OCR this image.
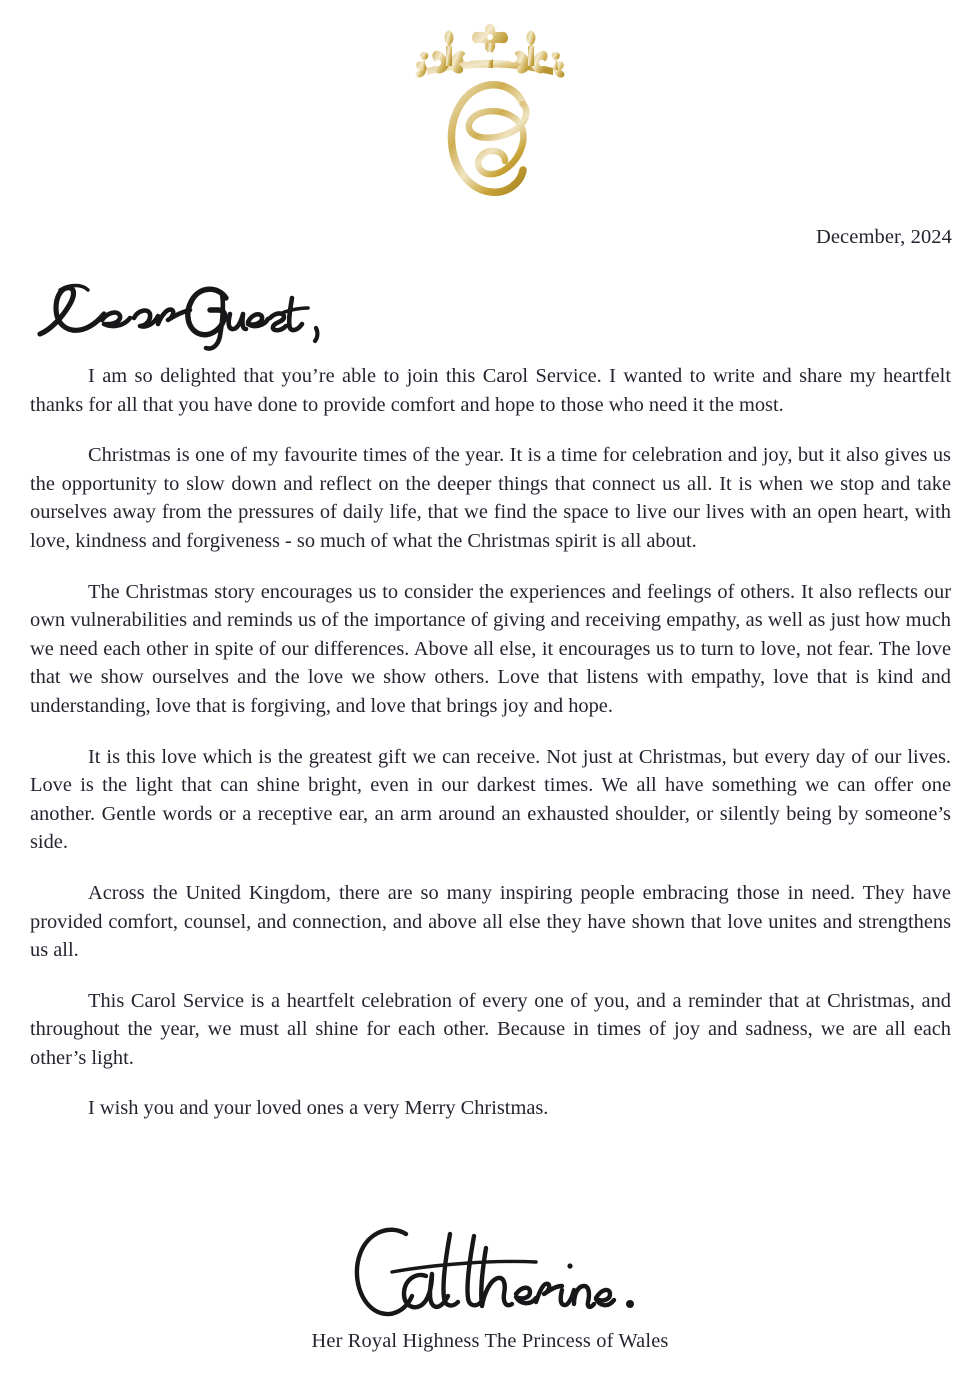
December, 2024

I am so delighted that you’re able to join this Carol Service. I wanted to write and share my heartfelt thanks for all that you have done to provide comfort and hope to those who need it the most.

Christmas is one of my favourite times of the year. It is a time for celebration and joy, but it also gives us the opportunity to slow down and reflect on the deeper things that connect us all. It is when we stop and take ourselves away from the pressures of daily life, that we find the space to live our lives with an open heart, with love, kindness and forgiveness - so much of what the Christmas spirit is all about.

The Christmas story encourages us to consider the experiences and feelings of others. It also reflects our own vulnerabilities and reminds us of the importance of giving and receiving empathy, as well as just how much we need each other in spite of our differences. Above all else, it encourages us to turn to love, not fear. The love that we show ourselves and the love we show others. Love that listens with empathy, love that is kind and understanding, love that is forgiving, and love that brings joy and hope.

It is this love which is the greatest gift we can receive. Not just at Christmas, but every day of our lives. Love is the light that can shine bright, even in our darkest times. We all have something we can offer one another. Gentle words or a receptive ear, an arm around an exhausted shoulder, or silently being by someone’s side.

Across the United Kingdom, there are so many inspiring people embracing those in need. They have provided comfort, counsel, and connection, and above all else they have shown that love unites and strengthens us all.

This Carol Service is a heartfelt celebration of every one of you, and a reminder that at Christmas, and throughout the year, we must all shine for each other. Because in times of joy and sadness, we are all each other’s light.

I wish you and your loved ones a very Merry Christmas.

Her Royal Highness The Princess of Wales
